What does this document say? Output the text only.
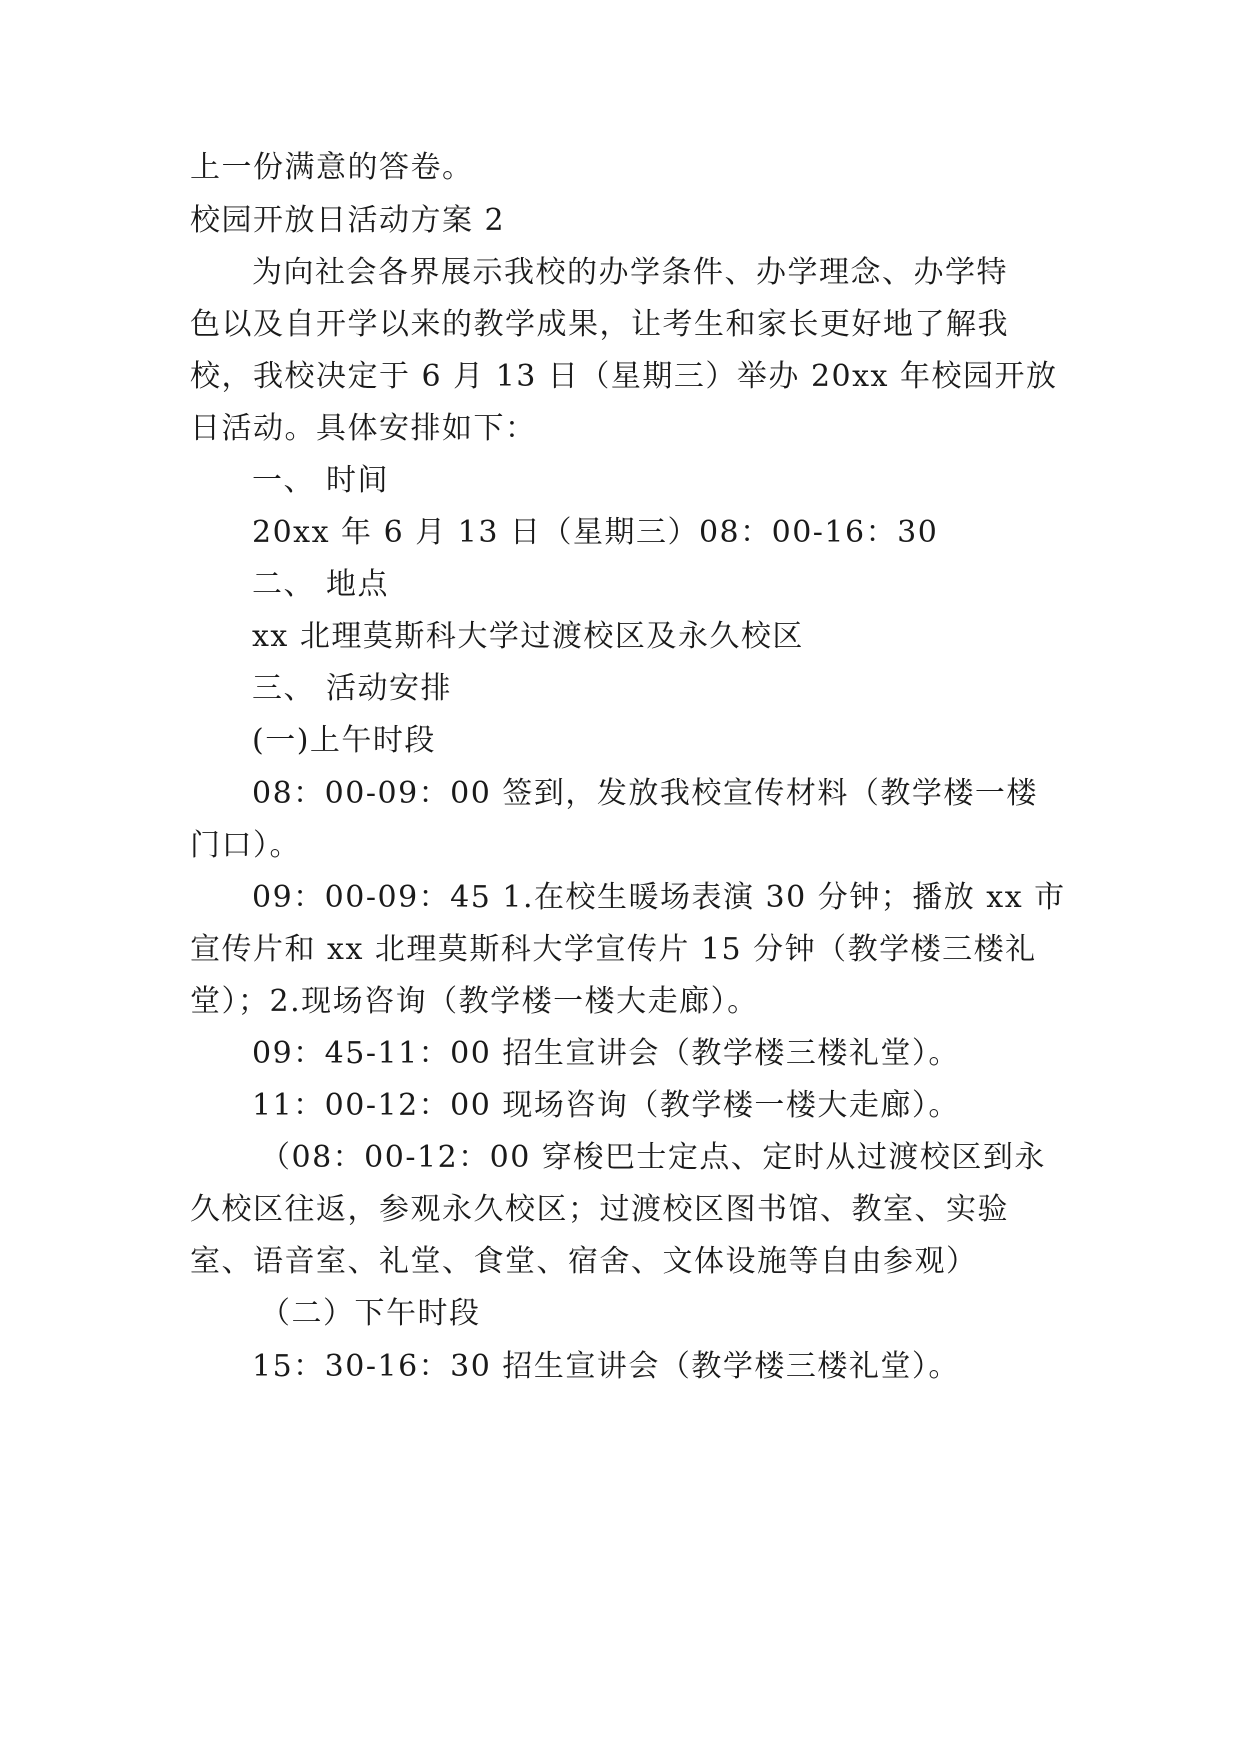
上一份满意的答卷。
校园开放日活动方案 2
为向社会各界展示我校的办学条件、办学理念、办学特
色以及自开学以来的教学成果，让考生和家长更好地了解我
校，我校决定于 6 月 13 日（星期三）举办 20xx 年校园开放
日活动。具体安排如下：
一、 时间
20xx 年 6 月 13 日（星期三）08：00-16：30
二、 地点
xx 北理莫斯科大学过渡校区及永久校区
三、 活动安排
(一)上午时段
08：00-09：00 签到，发放我校宣传材料（教学楼一楼
门口）。
09：00-09：45 1.在校生暖场表演 30 分钟；播放 xx 市
宣传片和 xx 北理莫斯科大学宣传片 15 分钟（教学楼三楼礼
堂）；2.现场咨询（教学楼一楼大走廊）。
09：45-11：00 招生宣讲会（教学楼三楼礼堂）。
11：00-12：00 现场咨询（教学楼一楼大走廊）。
（08：00-12：00 穿梭巴士定点、定时从过渡校区到永
久校区往返，参观永久校区；过渡校区图书馆、教室、实验
室、语音室、礼堂、食堂、宿舍、文体设施等自由参观）
（二）下午时段
15：30-16：30 招生宣讲会（教学楼三楼礼堂）。
